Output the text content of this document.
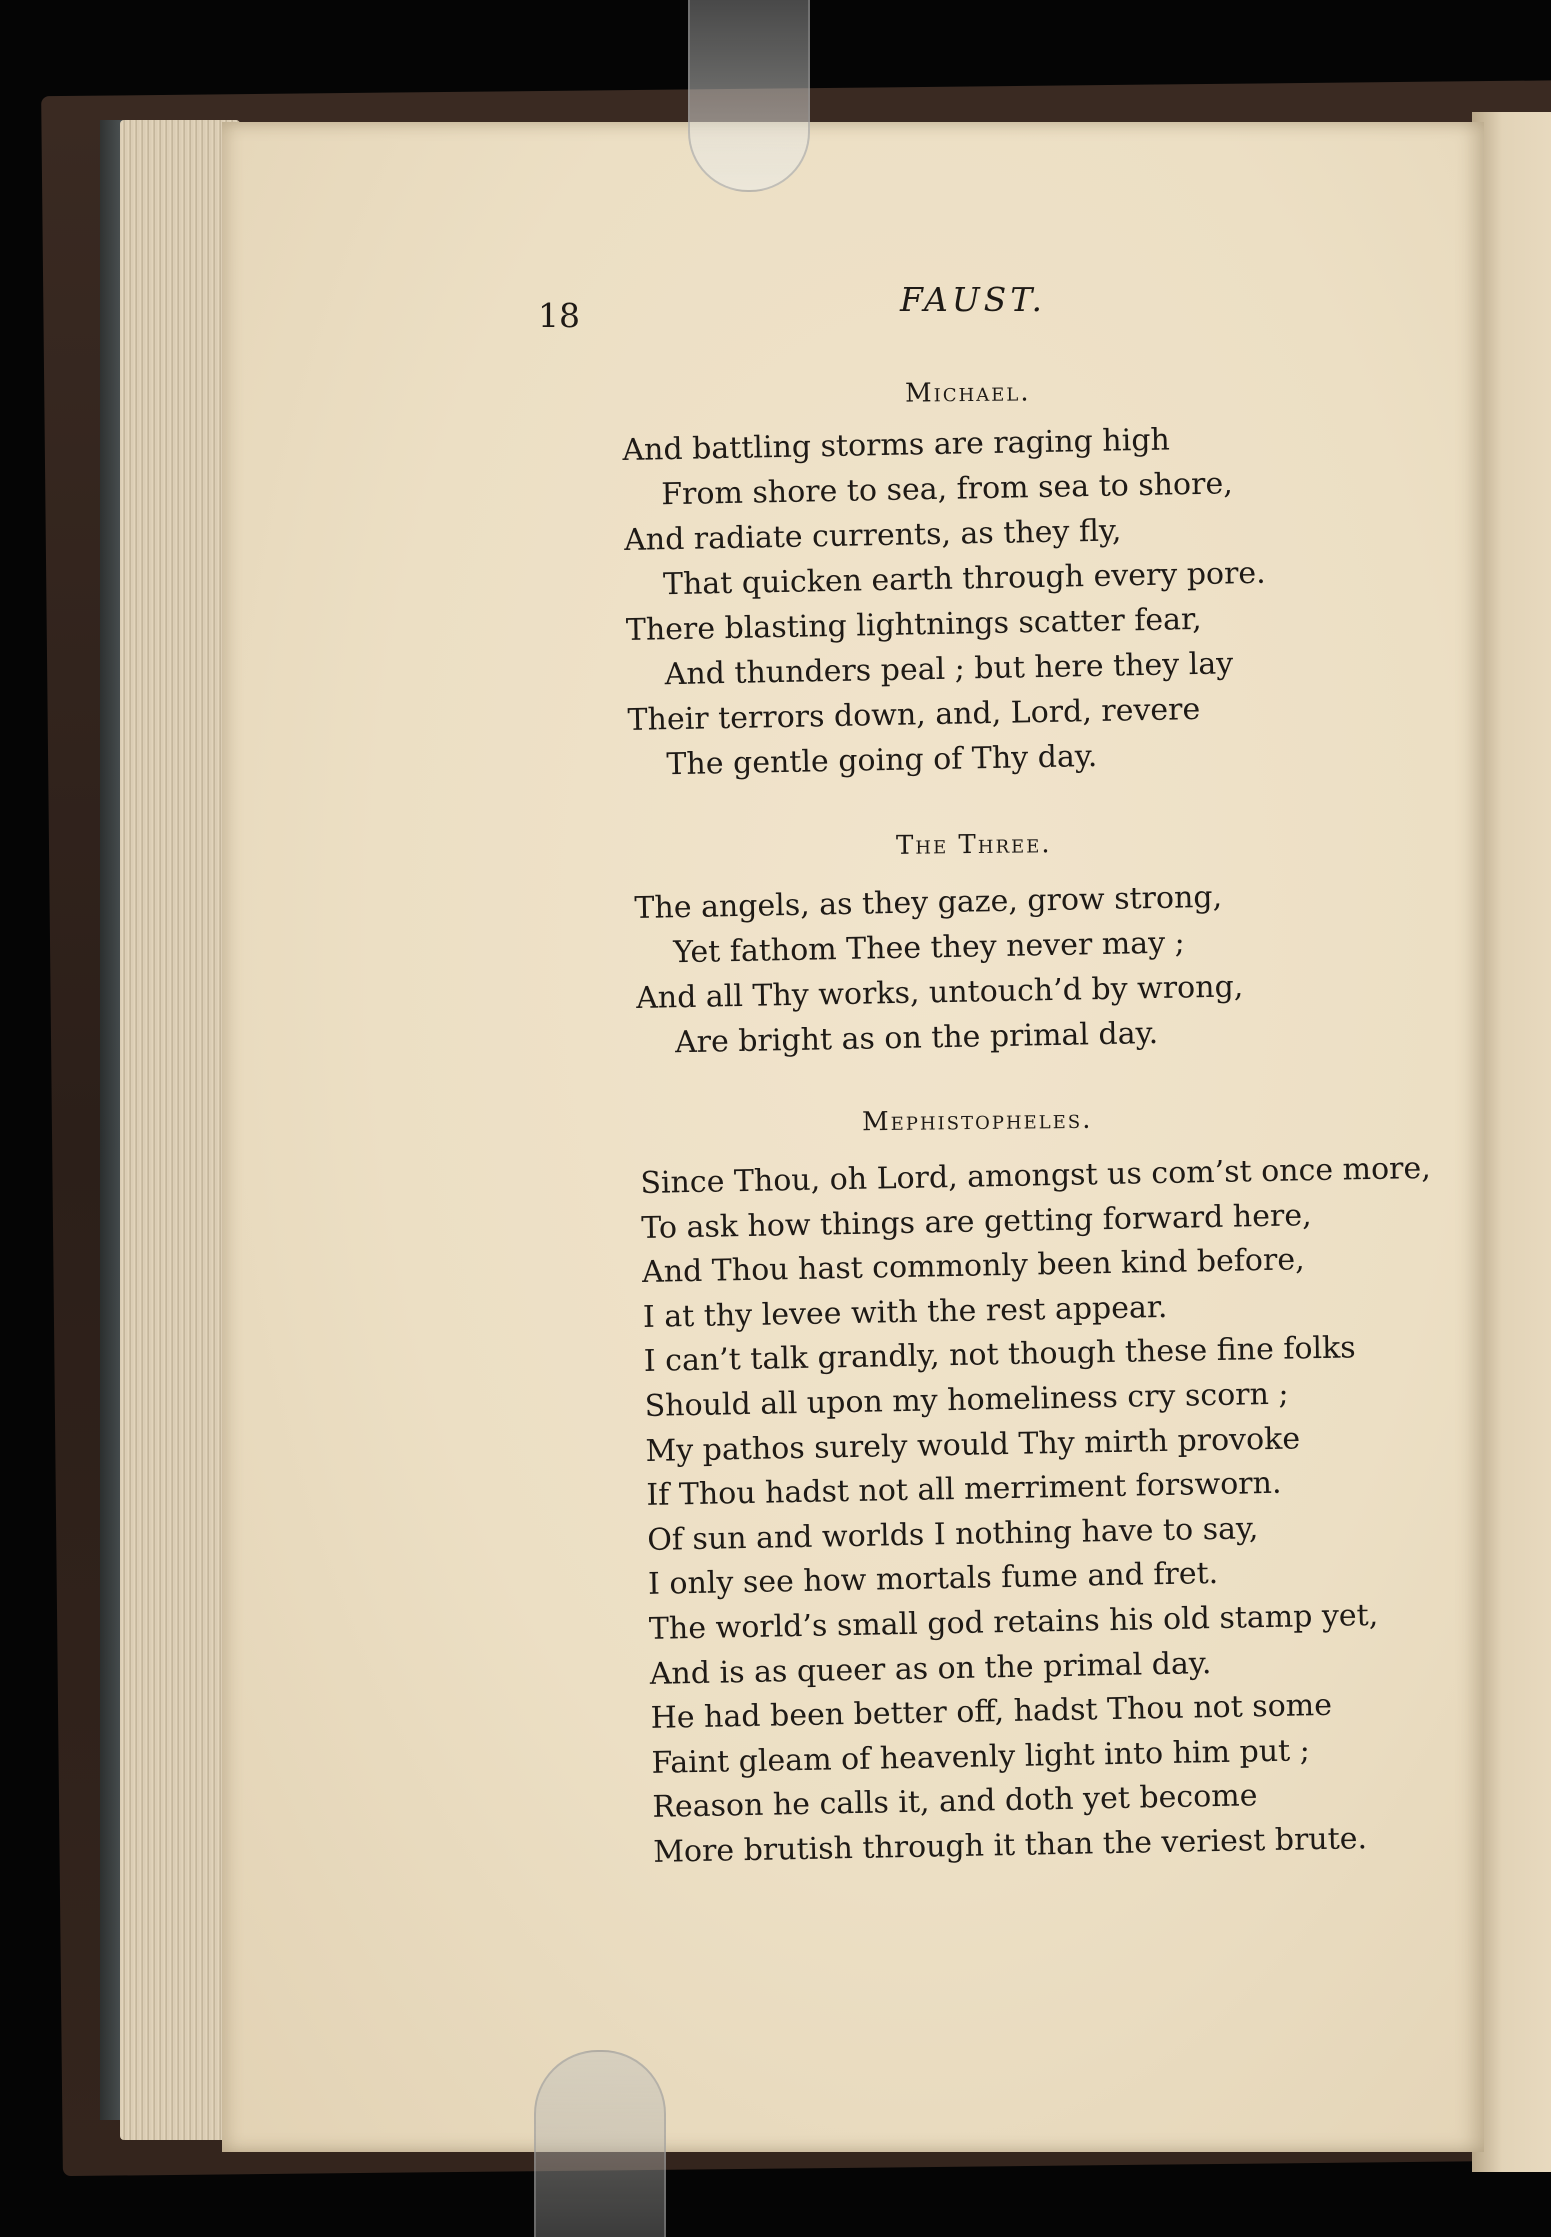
18	FAUST.
Michael.
And battling storms are raging high
From shore to sea, from sea to shore,
And radiate currents, as they fly,
That quicken earth through every pore.
There blasting lightnings scatter fear,
And thunders peal ; but here they lay
Their terrors down, and, Lord, revere
The gentle going of Thy day.
The Three.
The angels, as they gaze, grow strong,
Yet fathom Thee they never may ;
And all Thy works, untouch’d by wrong,
Are bright as on the primal day.
Mephistopheles.
Since Thou, oh Lord, amongst us com’st once more,
To ask how things are getting forward here,
And Thou hast commonly been kind before,
I at thy levee with the rest appear.
I can’t talk grandly, not though these fine folks
Should all upon my homeliness cry scorn ;
My pathos surely would Thy mirth provoke
If Thou hadst not all merriment forsworn.
Of sun and worlds I nothing have to say,
I only see how mortals fume and fret.
The world’s small god retains his old stamp yet,
And is as queer as on the primal day.
He had been better off, hadst Thou not some
Faint gleam of heavenly light into him put ;
Reason he calls it, and doth yet become
More brutish through it than the veriest brute.
